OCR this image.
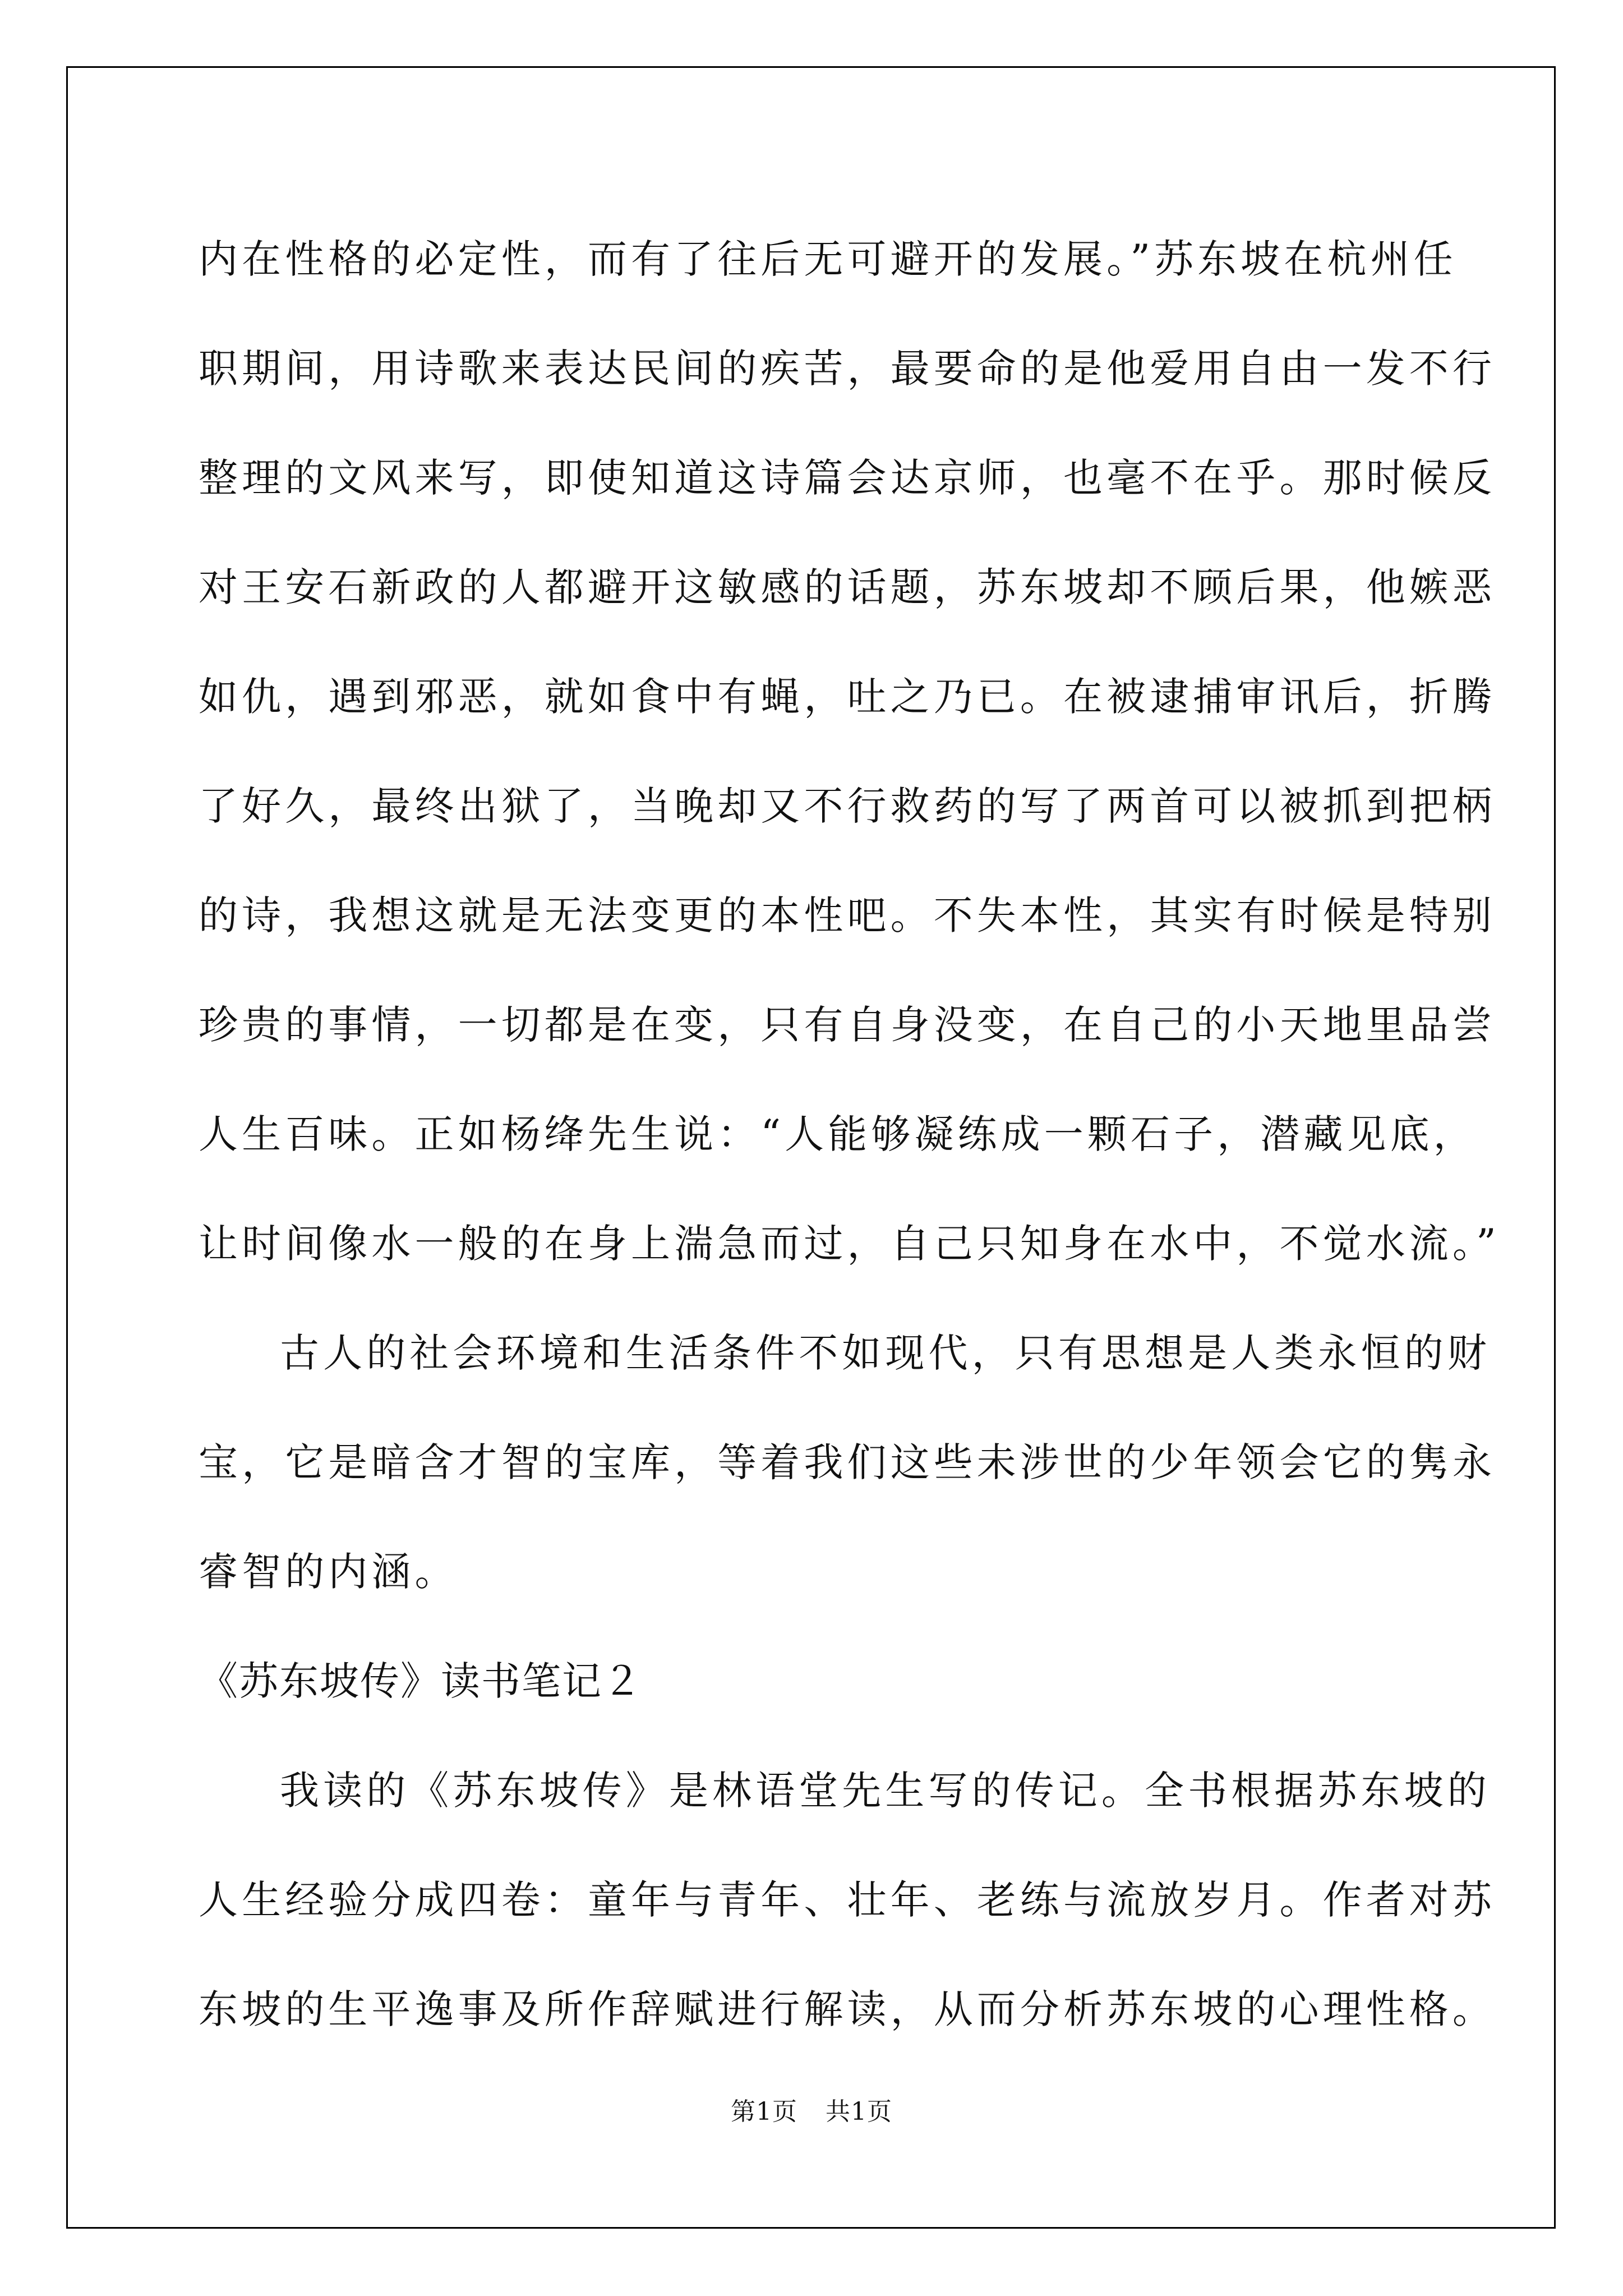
内在性格的必定性，而有了往后无可避开的发展。”苏东坡在杭州任
职期间，用诗歌来表达民间的疾苦，最要命的是他爱用自由一发不行
整理的文风来写，即使知道这诗篇会达京师，也毫不在乎。那时候反
对王安石新政的人都避开这敏感的话题，苏东坡却不顾后果，他嫉恶
如仇，遇到邪恶，就如食中有蝇，吐之乃已。在被逮捕审讯后，折腾
了好久，最终出狱了，当晚却又不行救药的写了两首可以被抓到把柄
的诗，我想这就是无法变更的本性吧。不失本性，其实有时候是特别
珍贵的事情，一切都是在变，只有自身没变，在自己的小天地里品尝
人生百味。正如杨绛先生说：“人能够凝练成一颗石子，潜藏见底，
让时间像水一般的在身上湍急而过，自己只知身在水中，不觉水流。”
古人的社会环境和生活条件不如现代，只有思想是人类永恒的财
宝，它是暗含才智的宝库，等着我们这些未涉世的少年领会它的隽永
睿智的内涵。
《苏东坡传》读书笔记２
我读的《苏东坡传》是林语堂先生写的传记。全书根据苏东坡的
人生经验分成四卷：童年与青年、壮年、老练与流放岁月。作者对苏
东坡的生平逸事及所作辞赋进行解读，从而分析苏东坡的心理性格。
第1页 共1页
